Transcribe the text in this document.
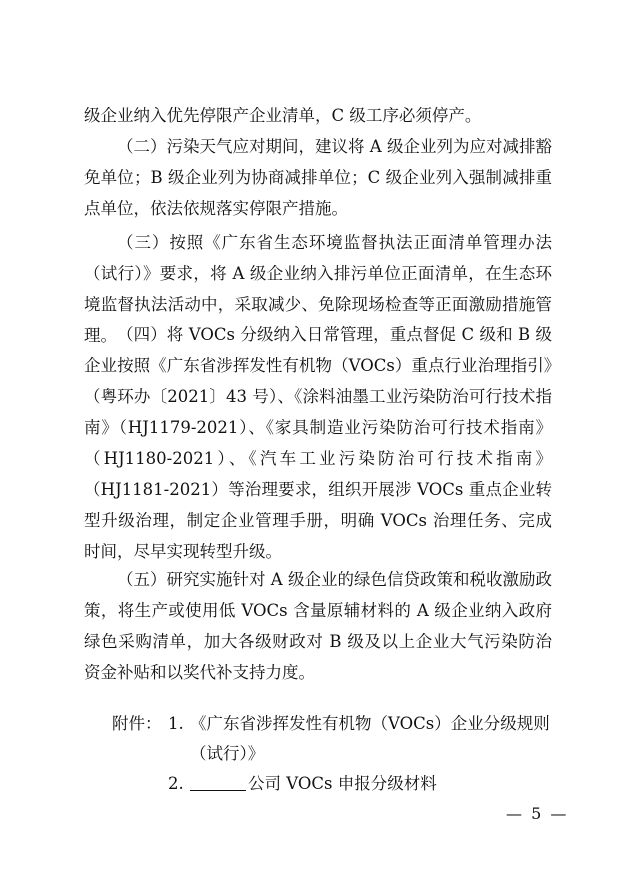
级企业纳入优先停限产企业清单，C 级工序必须停产。

（二）污染天气应对期间，建议将 A 级企业列为应对减排豁免单位；B 级企业列为协商减排单位；C 级企业列入强制减排重点单位，依法依规落实停限产措施。

（三）按照《广东省生态环境监督执法正面清单管理办法（试行）》要求，将 A 级企业纳入排污单位正面清单，在生态环境监督执法活动中，采取减少、免除现场检查等正面激励措施管理。 （四）将 VOCs 分级纳入日常管理，重点督促 C 级和 B 级企业按照《广东省涉挥发性有机物（VOCs）重点行业治理指引》（粤环办〔2021〕43 号）、《涂料油墨工业污染防治可行技术指南》（HJ1179-2021）、《家具制造业污染防治可行技术指南》（HJ1180-2021）、《汽车工业污染防治可行技术指南》（HJ1181-2021）等治理要求，组织开展涉 VOCs 重点企业转型升级治理，制定企业管理手册，明确 VOCs 治理任务、完成时间，尽早实现转型升级。

（五）研究实施针对 A 级企业的绿色信贷政策和税收激励政策，将生产或使用低 VOCs 含量原辅材料的 A 级企业纳入政府绿色采购清单，加大各级财政对 B 级及以上企业大气污染防治资金补贴和以奖代补支持力度。

附件： 1. 《广东省涉挥发性有机物（VOCs）企业分级规则
（试行）》
2.	公司 VOCs 申报分级材料
— 5 —
